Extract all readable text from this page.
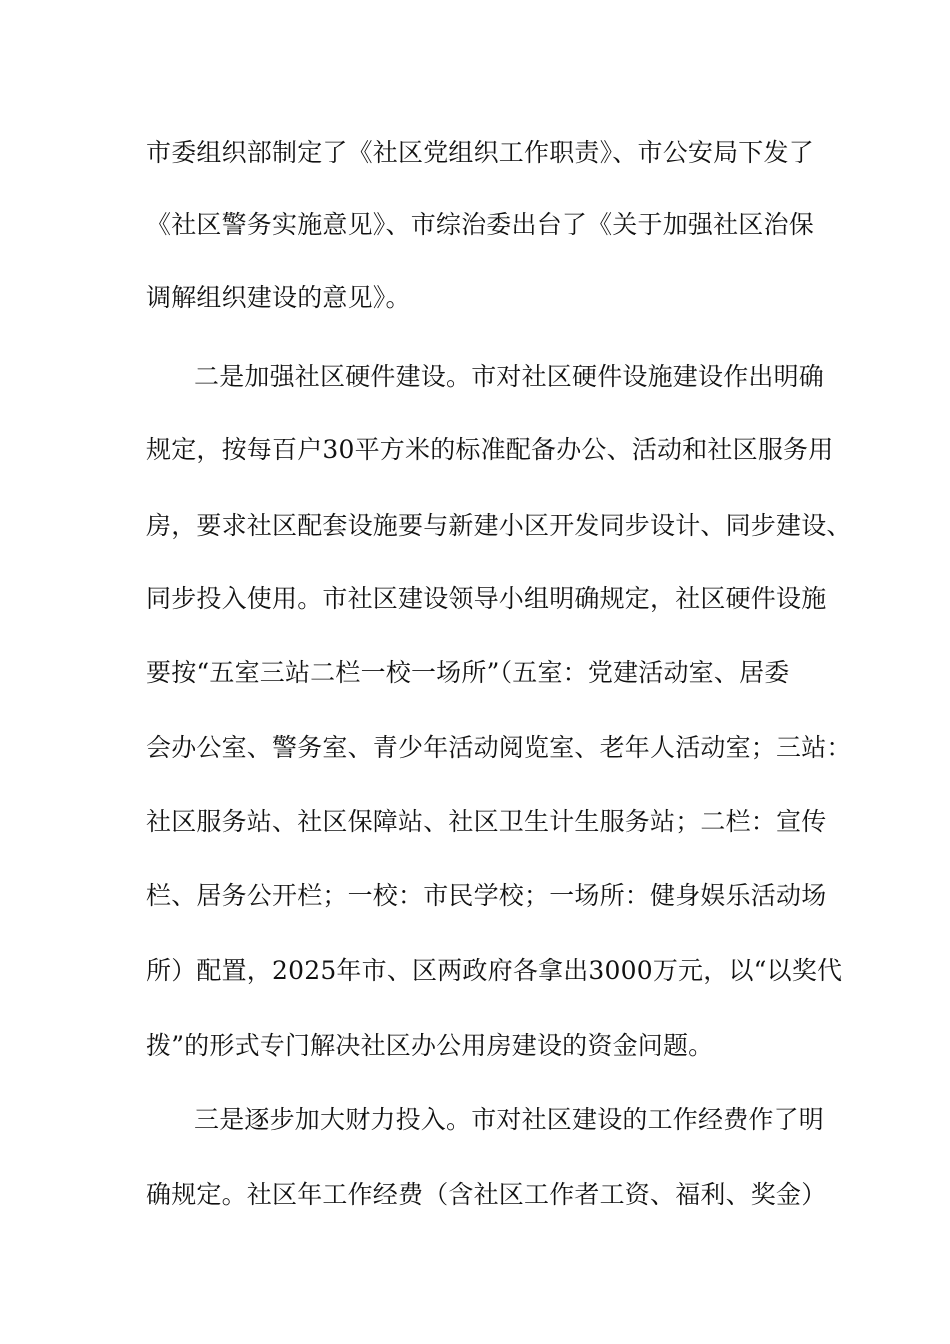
市委组织部制定了《社区党组织工作职责》、市公安局下发了
《社区警务实施意见》、市综治委出台了《关于加强社区治保
调解组织建设的意见》。
二是加强社区硬件建设。市对社区硬件设施建设作出明确
规定，按每百户30平方米的标准配备办公、活动和社区服务用
房，要求社区配套设施要与新建小区开发同步设计、同步建设、
同步投入使用。市社区建设领导小组明确规定，社区硬件设施
要按“五室三站二栏一校一场所”（五室：党建活动室、居委
会办公室、警务室、青少年活动阅览室、老年人活动室；三站：
社区服务站、社区保障站、社区卫生计生服务站；二栏：宣传
栏、居务公开栏；一校：市民学校；一场所：健身娱乐活动场
所）配置，2025年市、区两政府各拿出3000万元，以“以奖代
拨”的形式专门解决社区办公用房建设的资金问题。
三是逐步加大财力投入。市对社区建设的工作经费作了明
确规定。社区年工作经费（含社区工作者工资、福利、奖金）
